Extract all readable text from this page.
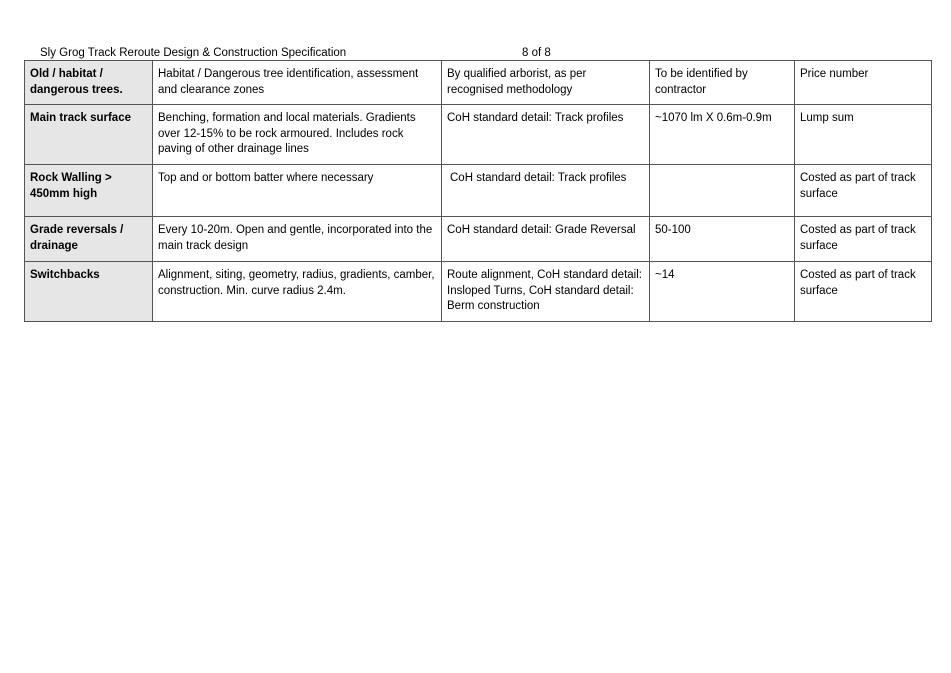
Sly Grog Track Reroute Design & Construction Specification	8 of 8
Old / habitat / dangerous trees.	Habitat / Dangerous tree identification, assessment and clearance zones	By qualified arborist, as per recognised methodology	To be identified by contractor	Price number
Main track surface	Benching, formation and local materials. Gradients over 12-15% to be rock armoured. Includes rock paving of other drainage lines	CoH standard detail: Track profiles	~1070 lm X 0.6m-0.9m	Lump sum
Rock Walling > 450mm high	Top and or bottom batter where necessary	CoH standard detail: Track profiles		Costed as part of track surface
Grade reversals / drainage	Every 10-20m. Open and gentle, incorporated into the main track design	CoH standard detail: Grade Reversal	50-100	Costed as part of track surface
Switchbacks	Alignment, siting, geometry, radius, gradients, camber, construction. Min. curve radius 2.4m.	Route alignment, CoH standard detail: Insloped Turns, CoH standard detail: Berm construction	~14	Costed as part of track surface
